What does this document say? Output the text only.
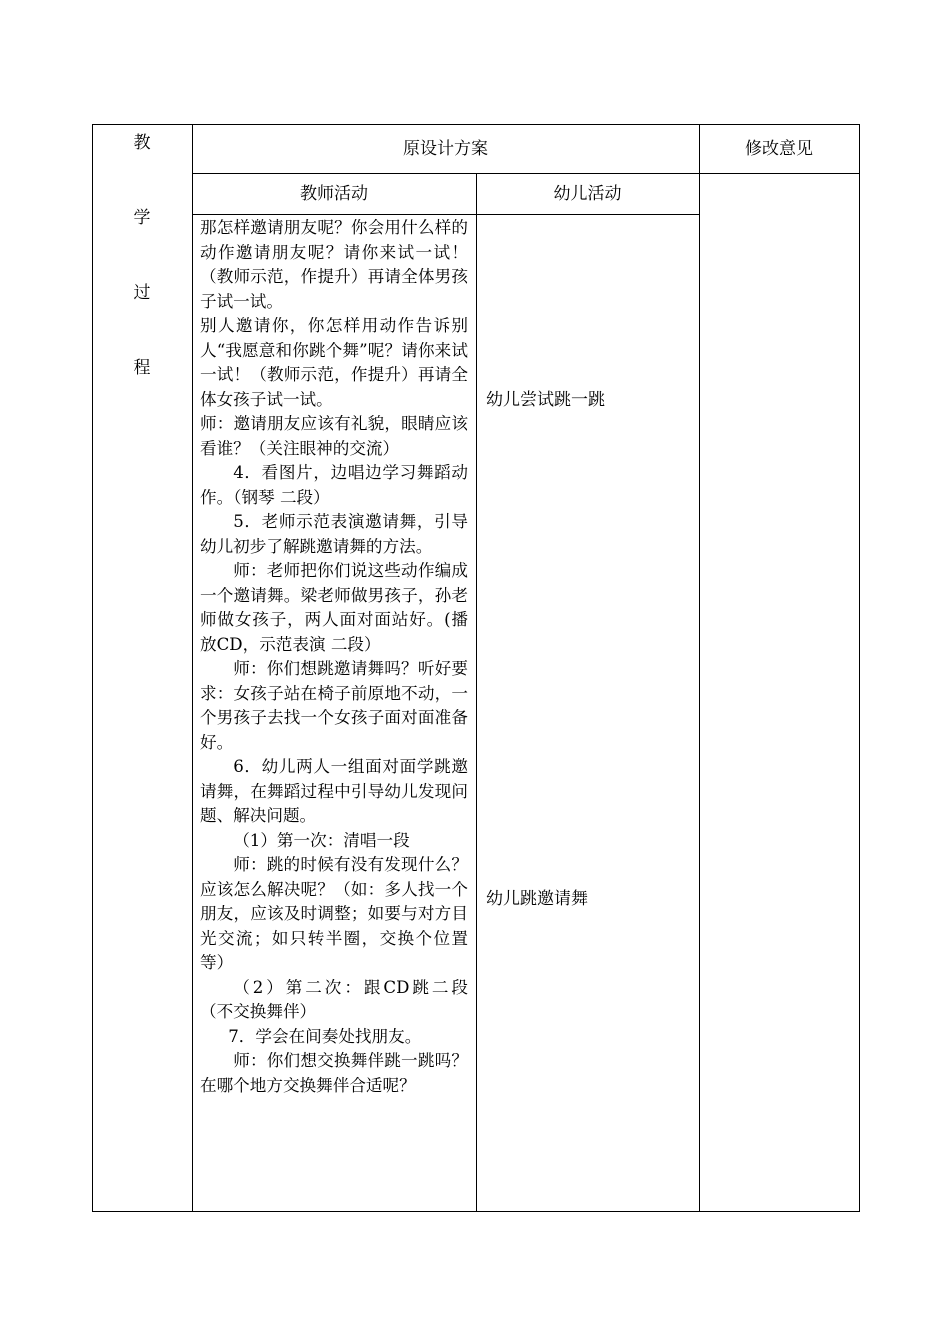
教
学
过
程
原设计方案	修改意见
教师活动	幼儿活动

那怎样邀请朋友呢？你会用什么样的动作邀请朋友呢？请你来试一试！（教师示范，作提升）再请全体男孩子试一试。

别人邀请你，你怎样用动作告诉别人“我愿意和你跳个舞”呢？请你来试一试！（教师示范，作提升）再请全体女孩子试一试。

师：邀请朋友应该有礼貌，眼睛应该看谁？（关注眼神的交流）

4．看图片，边唱边学习舞蹈动作。（钢琴 二段）

5．老师示范表演邀请舞，引导幼儿初步了解跳邀请舞的方法。

师：老师把你们说这些动作编成一个邀请舞。梁老师做男孩子，孙老师做女孩子，两人面对面站好。(播放CD，示范表演 二段）

师：你们想跳邀请舞吗？听好要求：女孩子站在椅子前原地不动，一个男孩子去找一个女孩子面对面准备好。

6．幼儿两人一组面对面学跳邀请舞，在舞蹈过程中引导幼儿发现问题、解决问题。

（1）第一次：清唱一段

师：跳的时候有没有发现什么？应该怎么解决呢？（如：多人找一个朋友，应该及时调整；如要与对方目光交流；如只转半圈，交换个位置等）

（2）第二次：跟CD跳二段（不交换舞伴）

7．学会在间奏处找朋友。

师：你们想交换舞伴跳一跳吗？在哪个地方交换舞伴合适呢？

幼儿尝试跳一跳
幼儿跳邀请舞
